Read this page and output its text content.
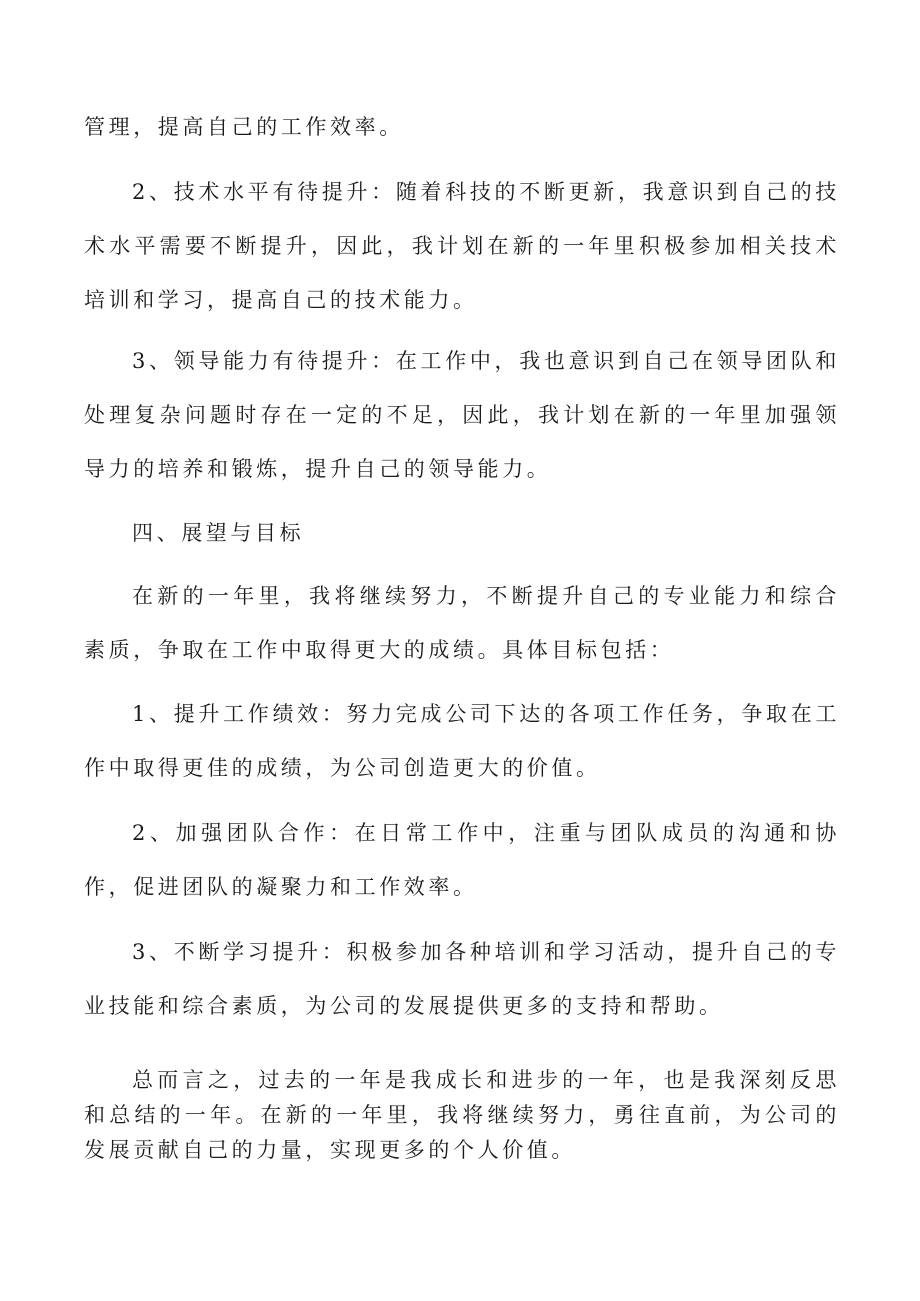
管理，提高自己的工作效率。

2、技术水平有待提升：随着科技的不断更新，我意识到自己的技术水平需要不断提升，因此，我计划在新的一年里积极参加相关技术培训和学习，提高自己的技术能力。

3、领导能力有待提升：在工作中，我也意识到自己在领导团队和处理复杂问题时存在一定的不足，因此，我计划在新的一年里加强领导力的培养和锻炼，提升自己的领导能力。

四、展望与目标

在新的一年里，我将继续努力，不断提升自己的专业能力和综合素质，争取在工作中取得更大的成绩。具体目标包括：

1、提升工作绩效：努力完成公司下达的各项工作任务，争取在工作中取得更佳的成绩，为公司创造更大的价值。

2、加强团队合作：在日常工作中，注重与团队成员的沟通和协作，促进团队的凝聚力和工作效率。

3、不断学习提升：积极参加各种培训和学习活动，提升自己的专业技能和综合素质，为公司的发展提供更多的支持和帮助。

总而言之，过去的一年是我成长和进步的一年，也是我深刻反思和总结的一年。在新的一年里，我将继续努力，勇往直前，为公司的发展贡献自己的力量，实现更多的个人价值。
